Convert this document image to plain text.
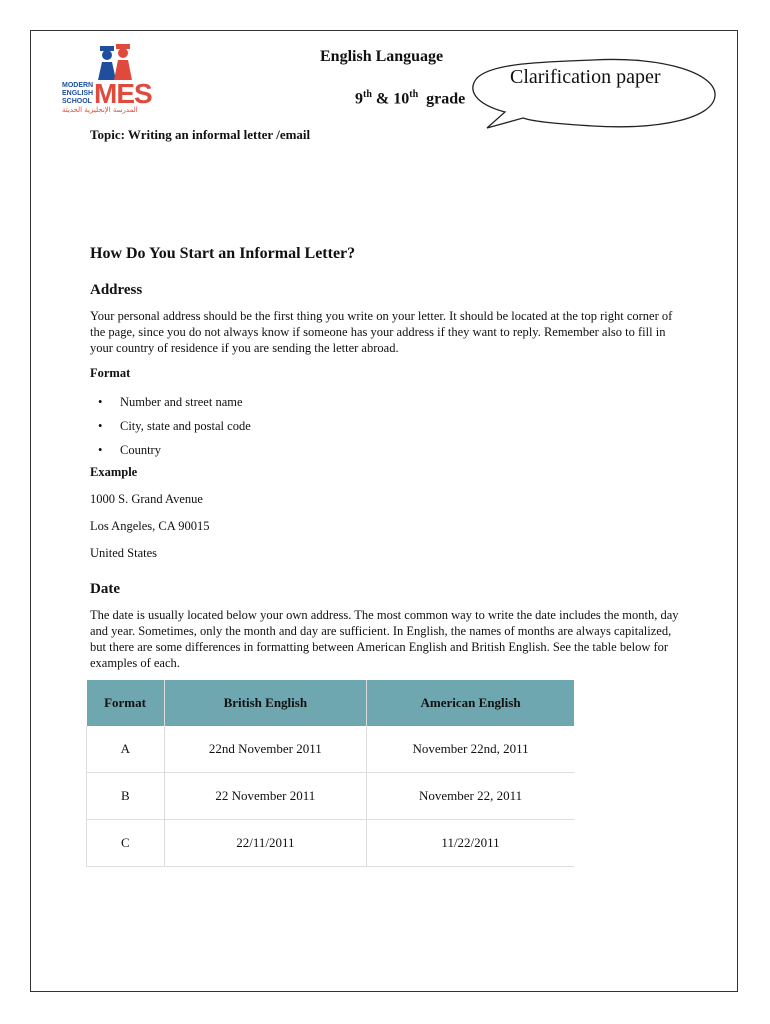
MODERN
ENGLISH
SCHOOL MES
المدرسة الإنجليزية الحديثة
English Language
9th & 10th grade
Clarification paper
Topic: Writing an informal letter /email
How Do You Start an Informal Letter?
Address
Your personal address should be the first thing you write on your letter. It should be located at the top right corner of the page, since you do not always know if someone has your address if they want to reply. Remember also to fill in your country of residence if you are sending the letter abroad.
Format
• Number and street name
• City, state and postal code
• Country
Example
1000 S. Grand Avenue
Los Angeles, CA 90015
United States
Date
The date is usually located below your own address. The most common way to write the date includes the month, day and year. Sometimes, only the month and day are sufficient. In English, the names of months are always capitalized, but there are some differences in formatting between American English and British English. See the table below for examples of each.
Format	British English	American English
A	22nd November 2011	November 22nd, 2011
B	22 November 2011	November 22, 2011
C	22/11/2011	11/22/2011
